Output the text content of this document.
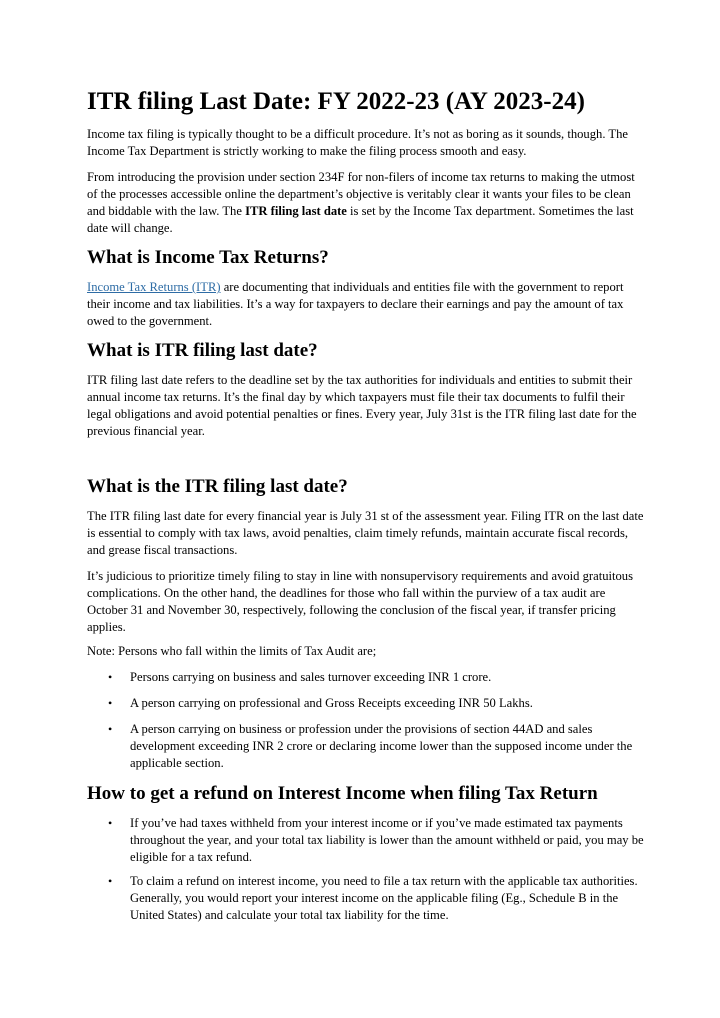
ITR filing Last Date: FY 2022-23 (AY 2023-24)

Income tax filing is typically thought to be a difficult procedure. It’s not as boring as it sounds, though. The Income Tax Department is strictly working to make the filing process smooth and easy.

From introducing the provision under section 234F for non-filers of income tax returns to making the utmost of the processes accessible online the department’s objective is veritably clear it wants your files to be clean and biddable with the law. The ITR filing last date is set by the Income Tax department. Sometimes the last date will change.

What is Income Tax Returns?

Income Tax Returns (ITR) are documenting that individuals and entities file with the government to report their income and tax liabilities. It’s a way for taxpayers to declare their earnings and pay the amount of tax owed to the government.

What is ITR filing last date?

ITR filing last date refers to the deadline set by the tax authorities for individuals and entities to submit their annual income tax returns. It’s the final day by which taxpayers must file their tax documents to fulfil their legal obligations and avoid potential penalties or fines. Every year, July 31st is the ITR filing last date for the previous financial year.

What is the ITR filing last date?

The ITR filing last date for every financial year is July 31 st of the assessment year. Filing ITR on the last date is essential to comply with tax laws, avoid penalties, claim timely refunds, maintain accurate fiscal records, and grease fiscal transactions.

It’s judicious to prioritize timely filing to stay in line with nonsupervisory requirements and avoid gratuitous complications. On the other hand, the deadlines for those who fall within the purview of a tax audit are October 31 and November 30, respectively, following the conclusion of the fiscal year, if transfer pricing applies.

Note: Persons who fall within the limits of Tax Audit are;

• Persons carrying on business and sales turnover exceeding INR 1 crore.
• A person carrying on professional and Gross Receipts exceeding INR 50 Lakhs.
• A person carrying on business or profession under the provisions of section 44AD and sales development exceeding INR 2 crore or declaring income lower than the supposed income under the applicable section.
How to get a refund on Interest Income when filing Tax Return
• If you’ve had taxes withheld from your interest income or if you’ve made estimated tax payments throughout the year, and your total tax liability is lower than the amount withheld or paid, you may be eligible for a tax refund.
• To claim a refund on interest income, you need to file a tax return with the applicable tax authorities. Generally, you would report your interest income on the applicable filing (Eg., Schedule B in the United States) and calculate your total tax liability for the time.
